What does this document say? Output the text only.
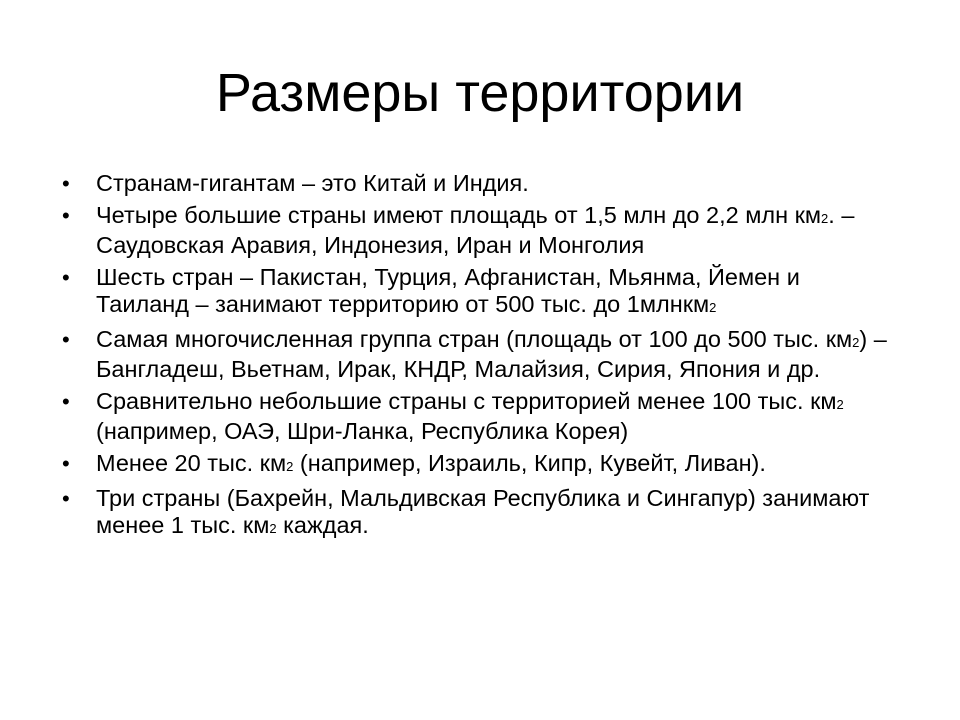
Размеры территории
• Странам-гигантам – это Китай и Индия.
• Четыре большие страны имеют площадь от 1,5 млн до 2,2 млн км2. – Саудовская Аравия, Индонезия, Иран и Монголия
• Шесть стран – Пакистан, Турция, Афганистан, Мьянма, Йемен и Таиланд – занимают территорию от 500 тыс. до 1млнкм2
• Самая многочисленная группа стран (площадь от 100 до 500 тыс. км2) – Бангладеш, Вьетнам, Ирак, КНДР, Малайзия, Сирия, Япония и др.
• Сравнительно небольшие страны с территорией менее 100 тыс. км2 (например, ОАЭ, Шри-Ланка, Республика Корея)
• Менее 20 тыс. км2 (например, Израиль, Кипр, Кувейт, Ливан).
• Три страны (Бахрейн, Мальдивская Республика и Сингапур) занимают менее 1 тыс. км2 каждая.
